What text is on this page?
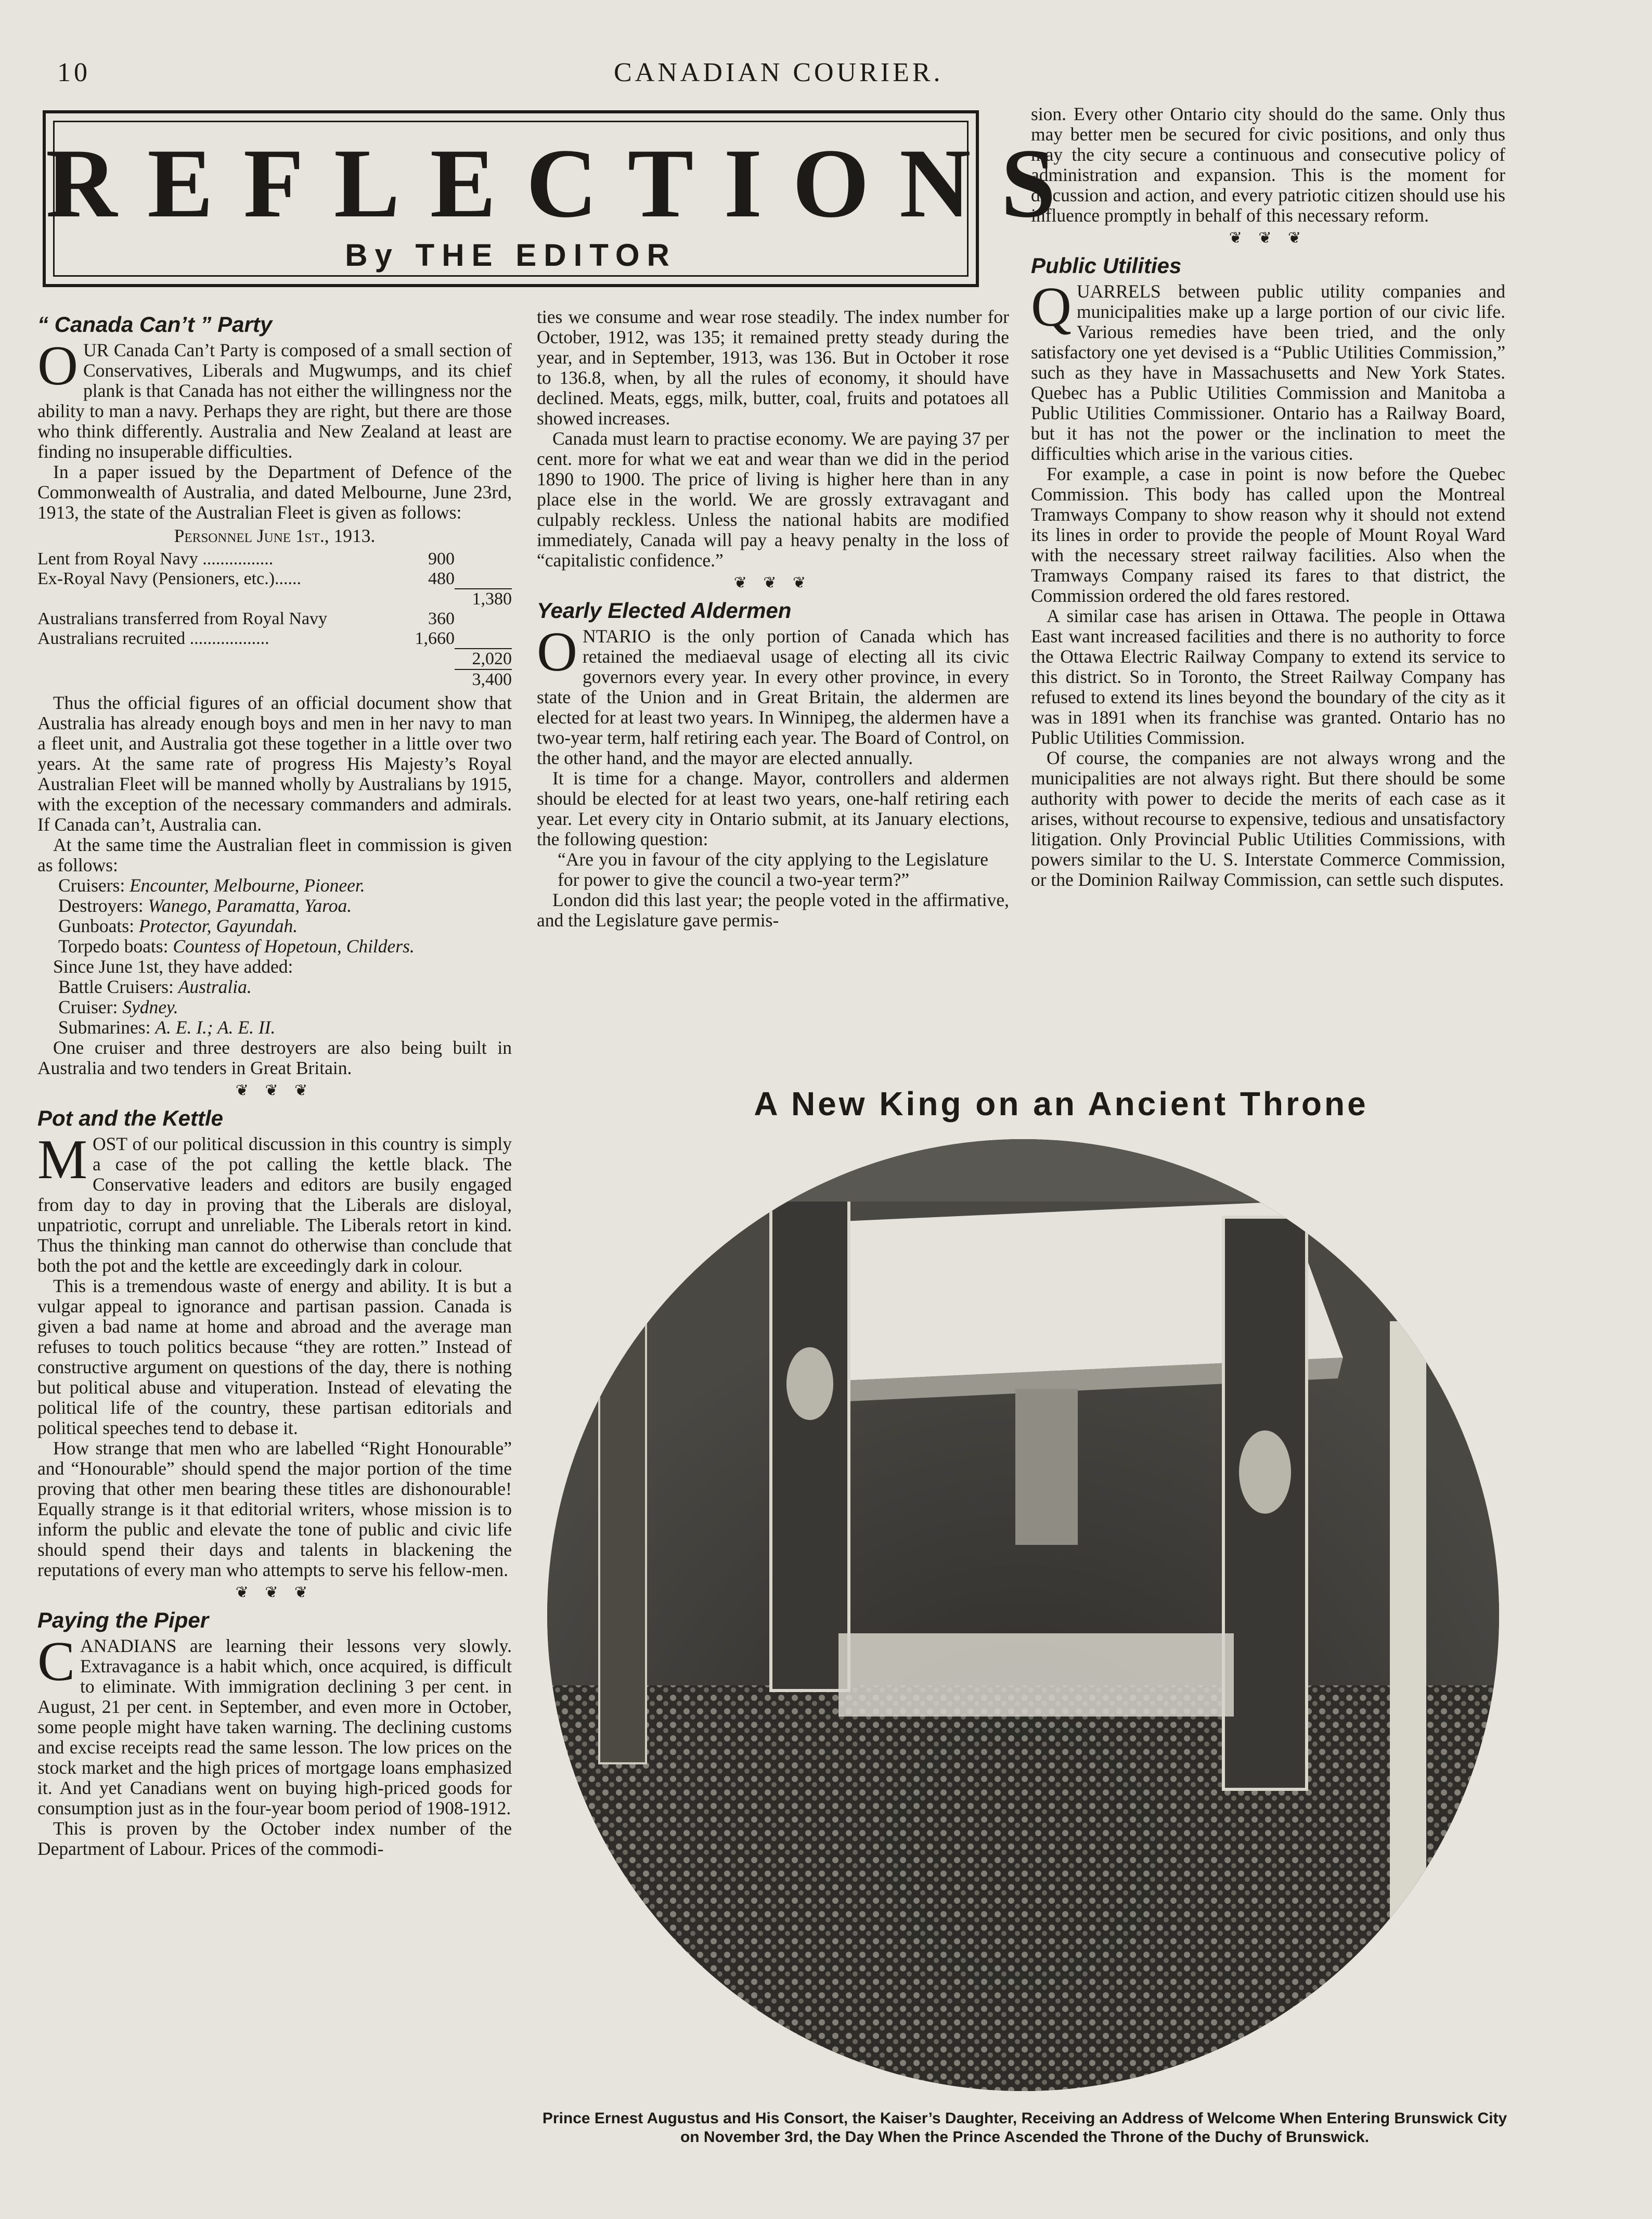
10	CANADIAN COURIER.
REFLECTIONS
By THE EDITOR
“ Canada Can’t ” Party

OUR Canada Can’t Party is composed of a small section of Conservatives, Liberals and Mugwumps, and its chief plank is that Canada has not either the willingness nor the ability to man a navy. Perhaps they are right, but there are those who think differently. Australia and New Zealand at least are finding no insuperable difficulties.

In a paper issued by the Department of Defence of the Commonwealth of Australia, and dated Melbourne, June 23rd, 1913, the state of the Australian Fleet is given as follows:

Personnel June 1st., 1913.
Lent from Royal Navy ................	900	
Ex-Royal Navy (Pensioners, etc.)......	480	
		1,380
Australians transferred from Royal Navy	360	
Australians recruited ..................	1,660	
		2,020
		3,400

Thus the official figures of an official document show that Australia has already enough boys and men in her navy to man a fleet unit, and Australia got these together in a little over two years. At the same rate of progress His Majesty’s Royal Australian Fleet will be manned wholly by Australians by 1915, with the exception of the necessary commanders and admirals. If Canada can’t, Australia can.

At the same time the Australian fleet in commission is given as follows:

Cruisers: Encounter, Melbourne, Pioneer.

Destroyers: Wanego, Paramatta, Yaroa.

Gunboats: Protector, Gayundah.

Torpedo boats: Countess of Hopetoun, Childers.

Since June 1st, they have added:

Battle Cruisers: Australia.

Cruiser: Sydney.

Submarines: A. E. I.; A. E. II.

One cruiser and three destroyers are also being built in Australia and two tenders in Great Britain.

❦ ❦ ❦
Pot and the Kettle

MOST of our political discussion in this country is simply a case of the pot calling the kettle black. The Conservative leaders and editors are busily engaged from day to day in proving that the Liberals are disloyal, unpatriotic, corrupt and unreliable. The Liberals retort in kind. Thus the thinking man cannot do otherwise than conclude that both the pot and the kettle are exceedingly dark in colour.

This is a tremendous waste of energy and ability. It is but a vulgar appeal to ignorance and partisan passion. Canada is given a bad name at home and abroad and the average man refuses to touch politics because “they are rotten.” Instead of constructive argument on questions of the day, there is nothing but political abuse and vituperation. Instead of elevating the political life of the country, these partisan editorials and political speeches tend to debase it.

How strange that men who are labelled “Right Honourable” and “Honourable” should spend the major portion of the time proving that other men bearing these titles are dishonourable! Equally strange is it that editorial writers, whose mission is to inform the public and elevate the tone of public and civic life should spend their days and talents in blackening the reputations of every man who attempts to serve his fellow-men.

❦ ❦ ❦
Paying the Piper

CANADIANS are learning their lessons very slowly. Extravagance is a habit which, once acquired, is difficult to eliminate. With immigration declining 3 per cent. in August, 21 per cent. in September, and even more in October, some people might have taken warning. The declining customs and excise receipts read the same lesson. The low prices on the stock market and the high prices of mortgage loans emphasized it. And yet Canadians went on buying high-priced goods for consumption just as in the four-year boom period of 1908-1912.

This is proven by the October index number of the Department of Labour. Prices of the commodi-

ties we consume and wear rose steadily. The index number for October, 1912, was 135; it remained pretty steady during the year, and in September, 1913, was 136. But in October it rose to 136.8, when, by all the rules of economy, it should have declined. Meats, eggs, milk, butter, coal, fruits and potatoes all showed increases.

Canada must learn to practise economy. We are paying 37 per cent. more for what we eat and wear than we did in the period 1890 to 1900. The price of living is higher here than in any place else in the world. We are grossly extravagant and culpably reckless. Unless the national habits are modified immediately, Canada will pay a heavy penalty in the loss of “capitalistic confidence.”

❦ ❦ ❦
Yearly Elected Aldermen

ONTARIO is the only portion of Canada which has retained the mediaeval usage of electing all its civic governors every year. In every other province, in every state of the Union and in Great Britain, the aldermen are elected for at least two years. In Winnipeg, the aldermen have a two-year term, half retiring each year. The Board of Control, on the other hand, and the mayor are elected annually.

It is time for a change. Mayor, controllers and aldermen should be elected for at least two years, one-half retiring each year. Let every city in Ontario submit, at its January elections, the following question:

“Are you in favour of the city applying to the Legislature for power to give the council a two-year term?”

London did this last year; the people voted in the affirmative, and the Legislature gave permis-

sion. Every other Ontario city should do the same. Only thus may better men be secured for civic positions, and only thus may the city secure a continuous and consecutive policy of administration and expansion. This is the moment for discussion and action, and every patriotic citizen should use his influence promptly in behalf of this necessary reform.

❦ ❦ ❦
Public Utilities

QUARRELS between public utility companies and municipalities make up a large portion of our civic life. Various remedies have been tried, and the only satisfactory one yet devised is a “Public Utilities Commission,” such as they have in Massachusetts and New York States. Quebec has a Public Utilities Commission and Manitoba a Public Utilities Commissioner. Ontario has a Railway Board, but it has not the power or the inclination to meet the difficulties which arise in the various cities.

For example, a case in point is now before the Quebec Commission. This body has called upon the Montreal Tramways Company to show reason why it should not extend its lines in order to provide the people of Mount Royal Ward with the necessary street railway facilities. Also when the Tramways Company raised its fares to that district, the Commission ordered the old fares restored.

A similar case has arisen in Ottawa. The people in Ottawa East want increased facilities and there is no authority to force the Ottawa Electric Railway Company to extend its service to this district. So in Toronto, the Street Railway Company has refused to extend its lines beyond the boundary of the city as it was in 1891 when its franchise was granted. Ontario has no Public Utilities Commission.

Of course, the companies are not always wrong and the municipalities are not always right. But there should be some authority with power to decide the merits of each case as it arises, without recourse to expensive, tedious and unsatisfactory litigation. Only Provincial Public Utilities Commissions, with powers similar to the U. S. Interstate Commerce Commission, or the Dominion Railway Commission, can settle such disputes.

A New King on an Ancient Throne
Prince Ernest Augustus and His Consort, the Kaiser’s Daughter, Receiving an Address of Welcome When Entering Brunswick City on November 3rd, the Day When the Prince Ascended the Throne of the Duchy of Brunswick.
